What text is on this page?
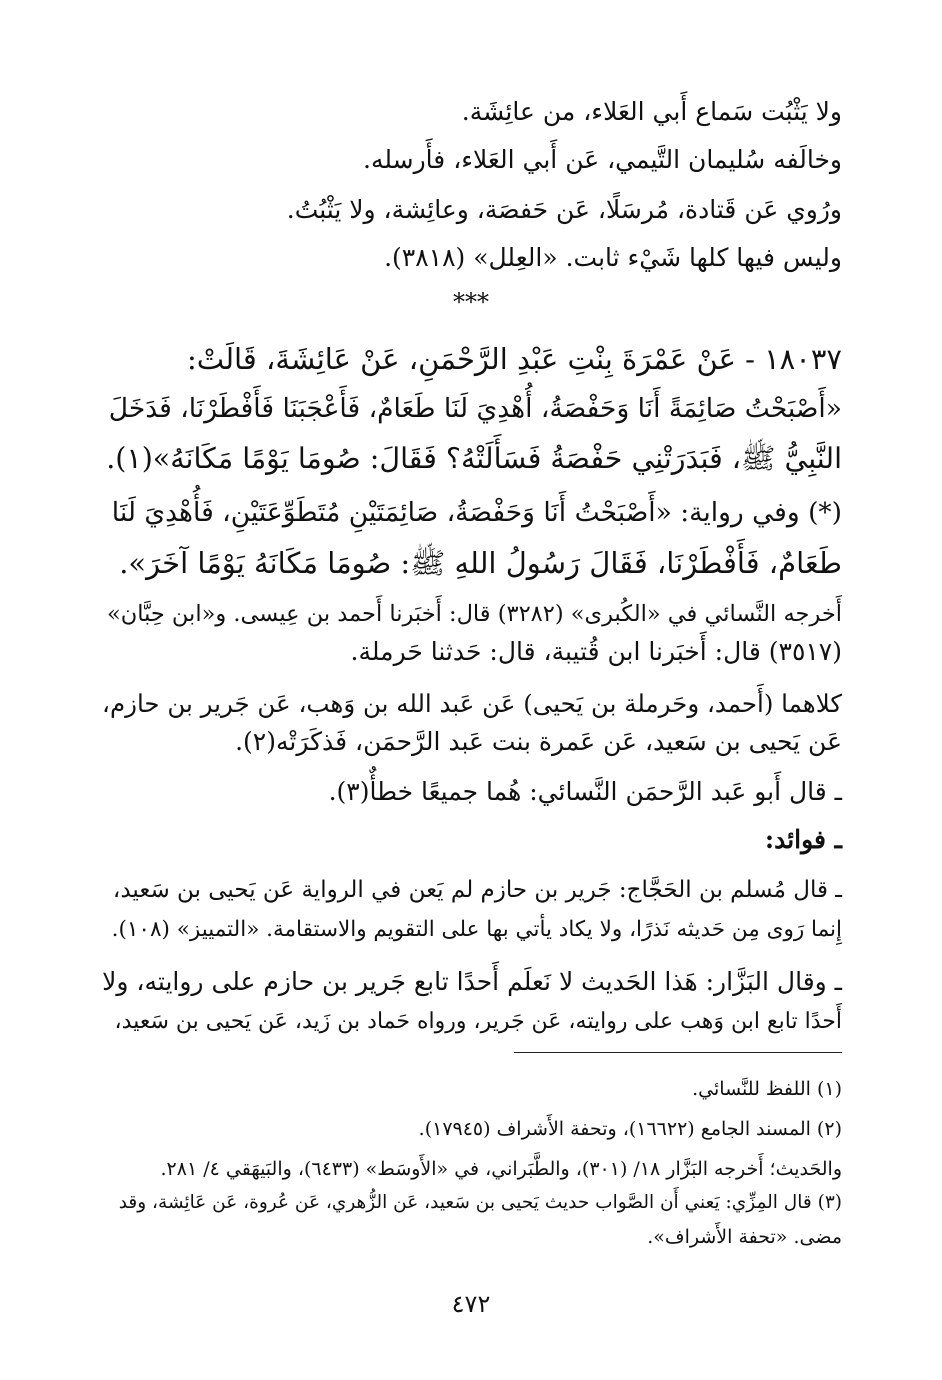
ولا يَثْبُت سَماع أَبي العَلاء، من عائِشَة.
وخالَفه سُليمان التَّيمي، عَن أَبي العَلاء، فأَرسله.
ورُوي عَن قَتادة، مُرسَلًا، عَن حَفصَة، وعائِشة، ولا يَثْبُتُ.
وليس فيها كلها شَيْء ثابت. «العِلل» (٣٨١٨).
***
١٨٠٣٧ - عَنْ عَمْرَةَ بِنْتِ عَبْدِ الرَّحْمَنِ، عَنْ عَائِشَةَ، قَالَتْ:
«أَصْبَحْتُ صَائِمَةً أَنَا وَحَفْصَةُ، أُهْدِيَ لَنَا طَعَامٌ، فَأَعْجَبَنَا فَأَفْطَرْنَا، فَدَخَلَ
النَّبِيُّ ﷺ، فَبَدَرَتْنِي حَفْصَةُ فَسَأَلَتْهُ؟ فَقَالَ: صُومَا يَوْمًا مَكَانَهُ»(١).
(*) وفي رواية: «أَصْبَحْتُ أَنَا وَحَفْصَةُ، صَائِمَتَيْنِ مُتَطَوِّعَتَيْنِ، فَأُهْدِيَ لَنَا
طَعَامٌ، فَأَفْطَرْنَا، فَقَالَ رَسُولُ اللهِ ﷺ: صُومَا مَكَانَهُ يَوْمًا آخَرَ».
أَخرجه النَّسائي في «الكُبرى» (٣٢٨٢) قال: أَخبَرنا أَحمد بن عِيسى. و«ابن حِبَّان»
(٣٥١٧) قال: أَخبَرنا ابن قُتيبة، قال: حَدثنا حَرملة.
كلاهما (أَحمد، وحَرملة بن يَحيى) عَن عَبد الله بن وَهب، عَن جَرير بن حازم،
عَن يَحيى بن سَعيد، عَن عَمرة بنت عَبد الرَّحمَن، فَذكَرَتْه(٢).
ـ قال أَبو عَبد الرَّحمَن النَّسائي: هُما جميعًا خطأٌ(٣).
ـ فوائد:
ـ قال مُسلم بن الحَجَّاج: جَرير بن حازم لم يَعن في الرواية عَن يَحيى بن سَعيد،
إِنما رَوى مِن حَديثه نَذرًا، ولا يكاد يأتي بها على التقويم والاستقامة. «التمييز» (١٠٨).
ـ وقال البَزَّار: هَذا الحَديث لا نَعلَم أَحدًا تابع جَرير بن حازم على روايته، ولا
أَحدًا تابع ابن وَهب على روايته، عَن جَرير، ورواه حَماد بن زَيد، عَن يَحيى بن سَعيد،
(١) اللفظ للنَّسائي.
(٢) المسند الجامع (١٦٦٢٢)، وتحفة الأَشراف (١٧٩٤٥).
والحَديث؛ أَخرجه البَزَّار ١٨/ (٣٠١)، والطَّبَراني، في «الأَوسَط» (٦٤٣٣)، والبَيهَقي ٤/ ٢٨١.
(٣) قال المِزِّي: يَعني أَن الصَّواب حديث يَحيى بن سَعيد، عَن الزُّهري، عَن عُروة، عَن عَائِشة، وقد
مضى. «تحفة الأَشراف».
٤٧٢
